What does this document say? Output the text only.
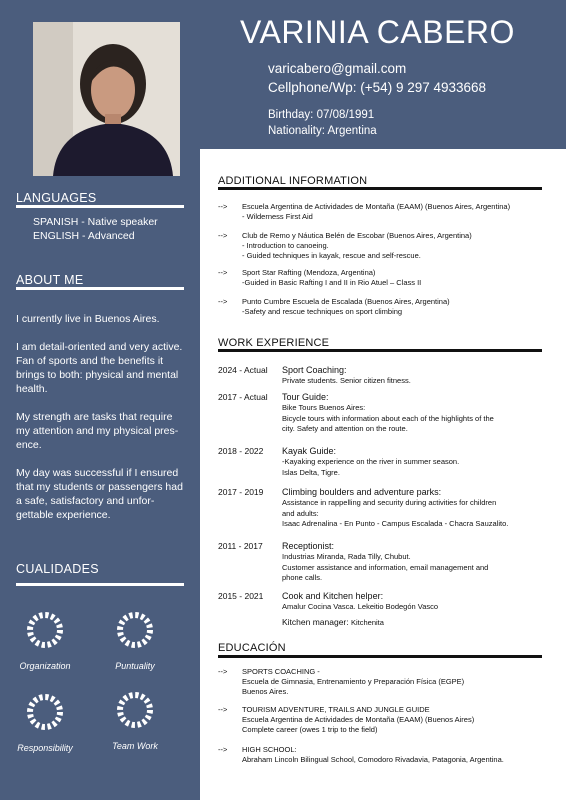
VARINIA CABERO
varicabero@gmail.com
Cellphone/Wp: (+54) 9 297 4933668
Birthday: 07/08/1991
Nationality: Argentina
LANGUAGES
SPANISH - Native speaker
ENGLISH - Advanced
ABOUT ME

I currently live in Buenos Aires.

I am detail-oriented and very active. Fan of sports and the benefits it brings to both: physical and mental health.

My strength are tasks that require my attention and my physical pres-ence.

My day was successful if I ensured that my students or passengers had a safe, satisfactory and unfor-gettable experience.

CUALIDADES
Organization	Puntuality
Responsibility	Team Work
ADDITIONAL INFORMATION
--> Escuela Argentina de Actividades de Montaña (EAAM) (Buenos Aires, Argentina)
- Wilderness First Aid
--> Club de Remo y Náutica Belén de Escobar (Buenos Aires, Argentina)
- Introduction to canoeing.
- Guided techniques in kayak, rescue and self-rescue.
--> Sport Star Rafting (Mendoza, Argentina)
-Guided in Basic Rafting I and II in Rio Atuel – Class II
--> Punto Cumbre Escuela de Escalada (Buenos Aires, Argentina)
-Safety and rescue techniques on sport climbing
WORK EXPERIENCE
2024 - Actual Sport Coaching:
Private students. Senior citizen fitness.
2017 - Actual Tour Guide:
Bike Tours Buenos Aires:
Bicycle tours with information about each of the highlights of the
city. Safety and attention on the route.
2018 - 2022 Kayak Guide:
-Kayaking experience on the river in summer season.
Islas Delta, Tigre.
2017 - 2019 Climbing boulders and adventure parks:
Assistance in rappelling and security during activities for children
and adults:
Isaac Adrenalina - En Punto - Campus Escalada - Chacra Sauzalito.
2011 - 2017 Receptionist:
Industrias Miranda, Rada Tilly, Chubut.
Customer assistance and information, email management and
phone calls.
2015 - 2021 Cook and Kitchen helper:
Amalur Cocina Vasca. Lekeitio Bodegón Vasco
Kitchen manager: Kitchenita
EDUCACIÓN
--> SPORTS COACHING -
Escuela de Gimnasia, Entrenamiento y Preparación Física (EGPE)
Buenos Aires.
--> TOURISM ADVENTURE, TRAILS AND JUNGLE GUIDE
Escuela Argentina de Actividades de Montaña (EAAM) (Buenos Aires)
Complete career (owes 1 trip to the field)
--> HIGH SCHOOL:
Abraham Lincoln Bilingual School, Comodoro Rivadavia, Patagonia, Argentina.
